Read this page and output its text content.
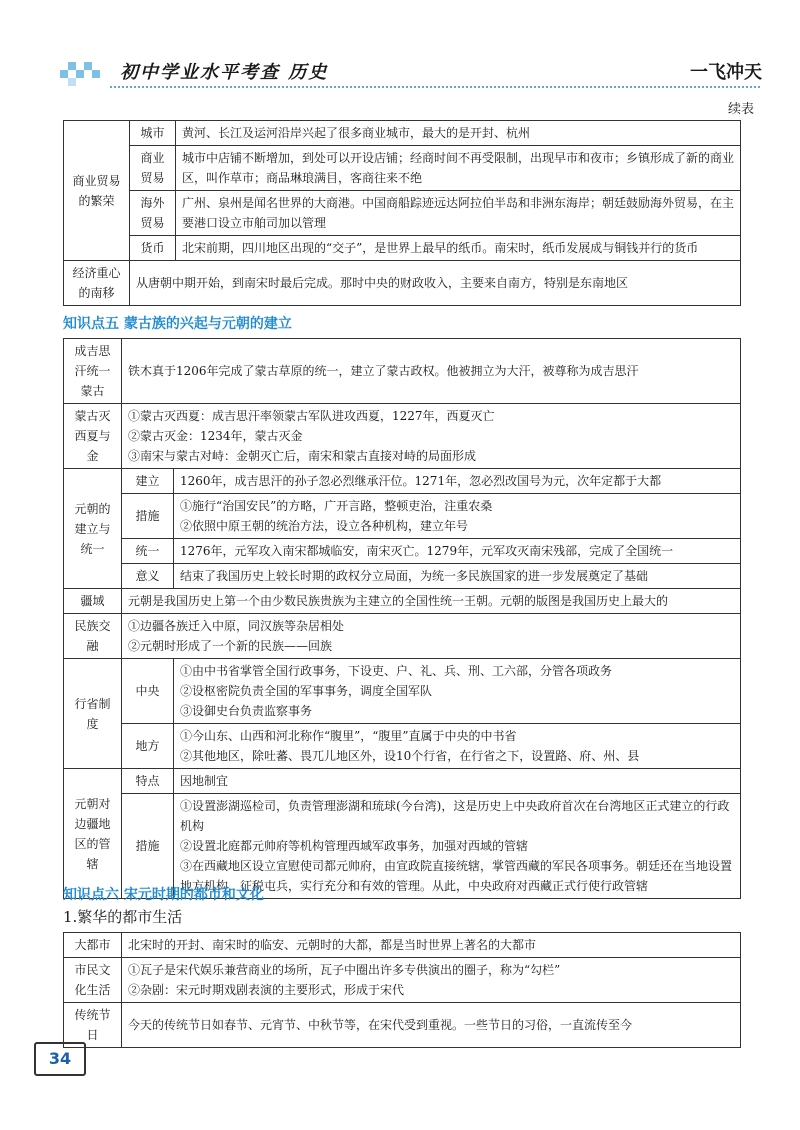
初中学业水平考查 历史	一飞冲天
续表
商业贸易的繁荣	城市	黄河、长江及运河沿岸兴起了很多商业城市，最大的是开封、杭州
	商业贸易	城市中店铺不断增加，到处可以开设店铺；经商时间不再受限制，出现早市和夜市；乡镇形成了新的商业区，叫作草市；商品琳琅满目，客商往来不绝
	海外贸易	广州、泉州是闻名世界的大商港。中国商船踪迹远达阿拉伯半岛和非洲东海岸；朝廷鼓励海外贸易，在主要港口设立市舶司加以管理
	货币	北宋前期，四川地区出现的“交子”，是世界上最早的纸币。南宋时，纸币发展成与铜钱并行的货币
经济重心的南移	从唐朝中期开始，到南宋时最后完成。那时中央的财政收入，主要来自南方，特别是东南地区	
知识点五 蒙古族的兴起与元朝的建立
成吉思汗统一蒙古	铁木真于1206年完成了蒙古草原的统一，建立了蒙古政权。他被拥立为大汗，被尊称为成吉思汗	
蒙古灭西夏与金	①蒙古灭西夏：成吉思汗率领蒙古军队进攻西夏，1227年，西夏灭亡
②蒙古灭金：1234年，蒙古灭金
③南宋与蒙古对峙：金朝灭亡后，南宋和蒙古直接对峙的局面形成	

元朝的建立与统一	建立	1260年，成吉思汗的孙子忽必烈继承汗位。1271年，忽必烈改国号为元，次年定都于大都
	措施	①施行“治国安民”的方略，广开言路，整顿吏治，注重农桑
②依照中原王朝的统治方法，设立各种机构，建立年号

	统一	1276年，元军攻入南宋都城临安，南宋灭亡。1279年，元军攻灭南宋残部，完成了全国统一
	意义	结束了我国历史上较长时期的政权分立局面，为统一多民族国家的进一步发展奠定了基础
疆域	元朝是我国历史上第一个由少数民族贵族为主建立的全国性统一王朝。元朝的版图是我国历史上最大的	
民族交融	①边疆各族迁入中原，同汉族等杂居相处
②元朝时形成了一个新的民族——回族	

行省制度	中央	①由中书省掌管全国行政事务，下设吏、户、礼、兵、刑、工六部，分管各项政务
②设枢密院负责全国的军事事务，调度全国军队
③设御史台负责监察事务

	地方	①今山东、山西和河北称作“腹里”，“腹里”直属于中央的中书省
②其他地区，除吐蕃、畏兀儿地区外，设10个行省，在行省之下，设置路、府、州、县

元朝对边疆地区的管辖	特点	因地制宜
	措施	①设置澎湖巡检司，负责管理澎湖和琉球(今台湾)，这是历史上中央政府首次在台湾地区正式建立的行政机构
②设置北庭都元帅府等机构管理西域军政事务，加强对西域的管辖
③在西藏地区设立宣慰使司都元帅府，由宣政院直接统辖，掌管西藏的军民各项事务。朝廷还在当地设置地方机构，征税屯兵，实行充分和有效的管理。从此，中央政府对西藏正式行使行政管辖
知识点六 宋元时期的都市和文化
1.繁华的都市生活
大都市	北宋时的开封、南宋时的临安、元朝时的大都，都是当时世界上著名的大都市
市民文化生活	①瓦子是宋代娱乐兼营商业的场所，瓦子中圈出许多专供演出的圈子，称为“勾栏”
②杂剧：宋元时期戏剧表演的主要形式，形成于宋代

传统节日	今天的传统节日如春节、元宵节、中秋节等，在宋代受到重视。一些节日的习俗，一直流传至今
34
